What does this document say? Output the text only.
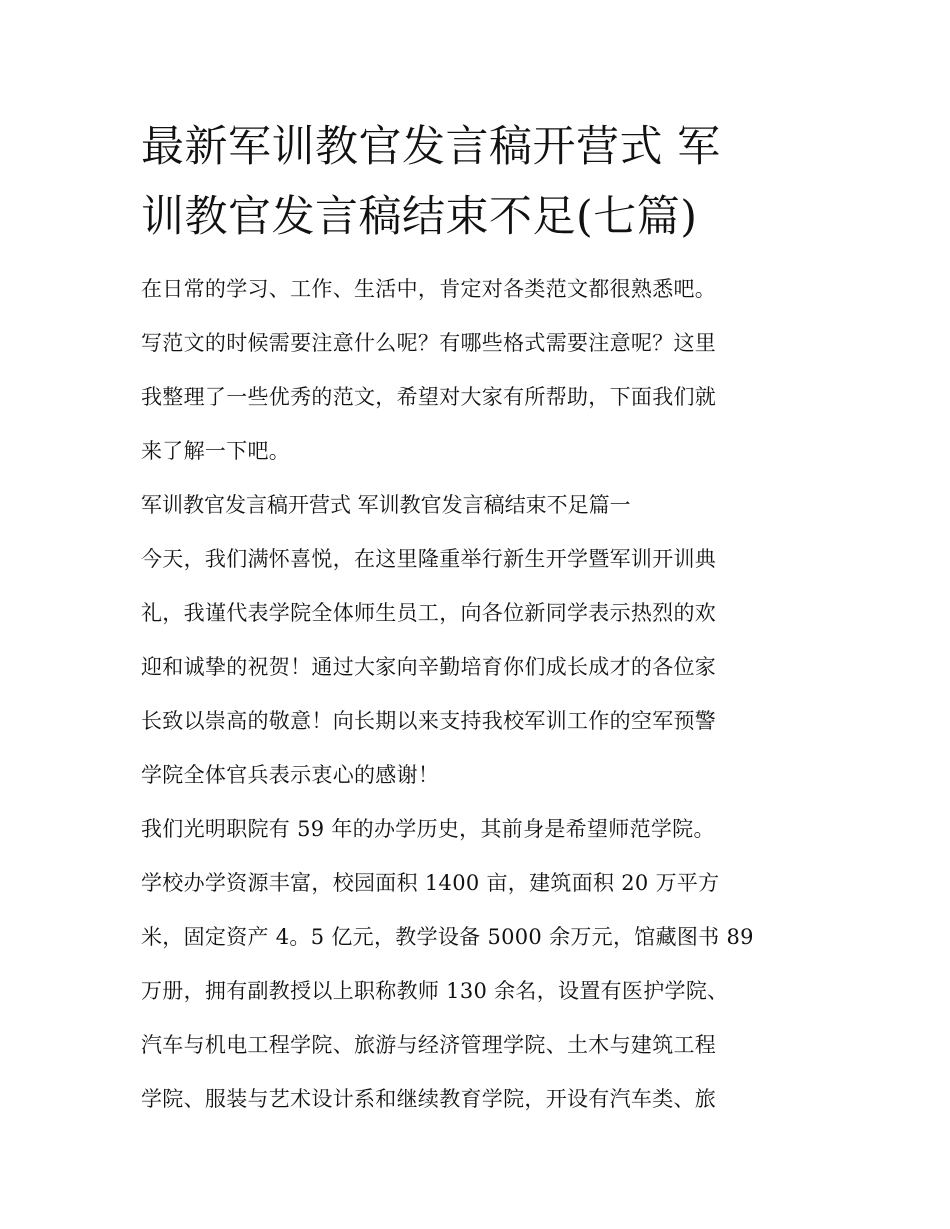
最新军训教官发言稿开营式 军
训教官发言稿结束不足(七篇)

在日常的学习、工作、生活中，肯定对各类范文都很熟悉吧。
写范文的时候需要注意什么呢？有哪些格式需要注意呢？这里
我整理了一些优秀的范文，希望对大家有所帮助，下面我们就
来了解一下吧。

军训教官发言稿开营式 军训教官发言稿结束不足篇一

今天，我们满怀喜悦，在这里隆重举行新生开学暨军训开训典
礼，我谨代表学院全体师生员工，向各位新同学表示热烈的欢
迎和诚挚的祝贺！通过大家向辛勤培育你们成长成才的各位家
长致以崇高的敬意！向长期以来支持我校军训工作的空军预警
学院全体官兵表示衷心的感谢！

我们光明职院有 59 年的办学历史，其前身是希望师范学院。
学校办学资源丰富，校园面积 1400 亩，建筑面积 20 万平方
米，固定资产 4。5 亿元，教学设备 5000 余万元，馆藏图书 89
万册，拥有副教授以上职称教师 130 余名，设置有医护学院、
汽车与机电工程学院、旅游与经济管理学院、土木与建筑工程
学院、服装与艺术设计系和继续教育学院，开设有汽车类、旅
